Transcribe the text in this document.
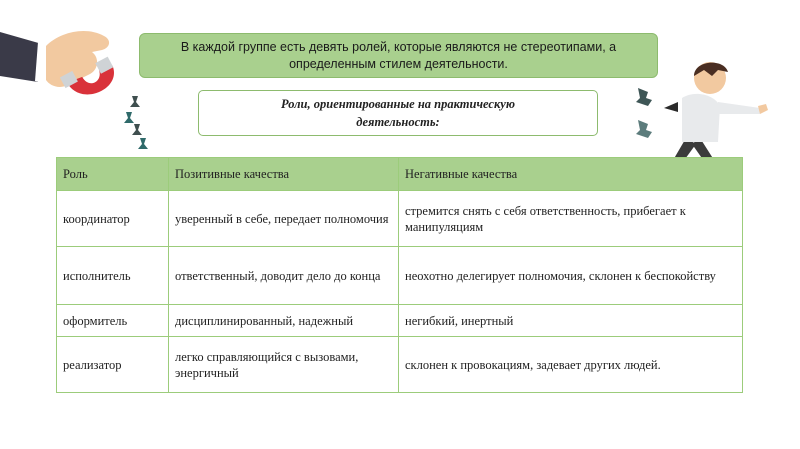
В каждой группе есть девять ролей, которые являются не стереотипами, а определенным стилем деятельности.
Роли, ориентированные на практическую деятельность:
Роль	Позитивные качества	Негативные качества
координатор	уверенный в себе, передает полномочия	стремится снять с себя ответственность, прибегает к манипуляциям
исполнитель	ответственный, доводит дело до конца	неохотно делегирует полномочия, склонен к беспокойству
оформитель	дисциплинированный, надежный	негибкий, инертный
реализатор	легко справляющийся с вызовами, энергичный	склонен к провокациям, задевает других людей.
